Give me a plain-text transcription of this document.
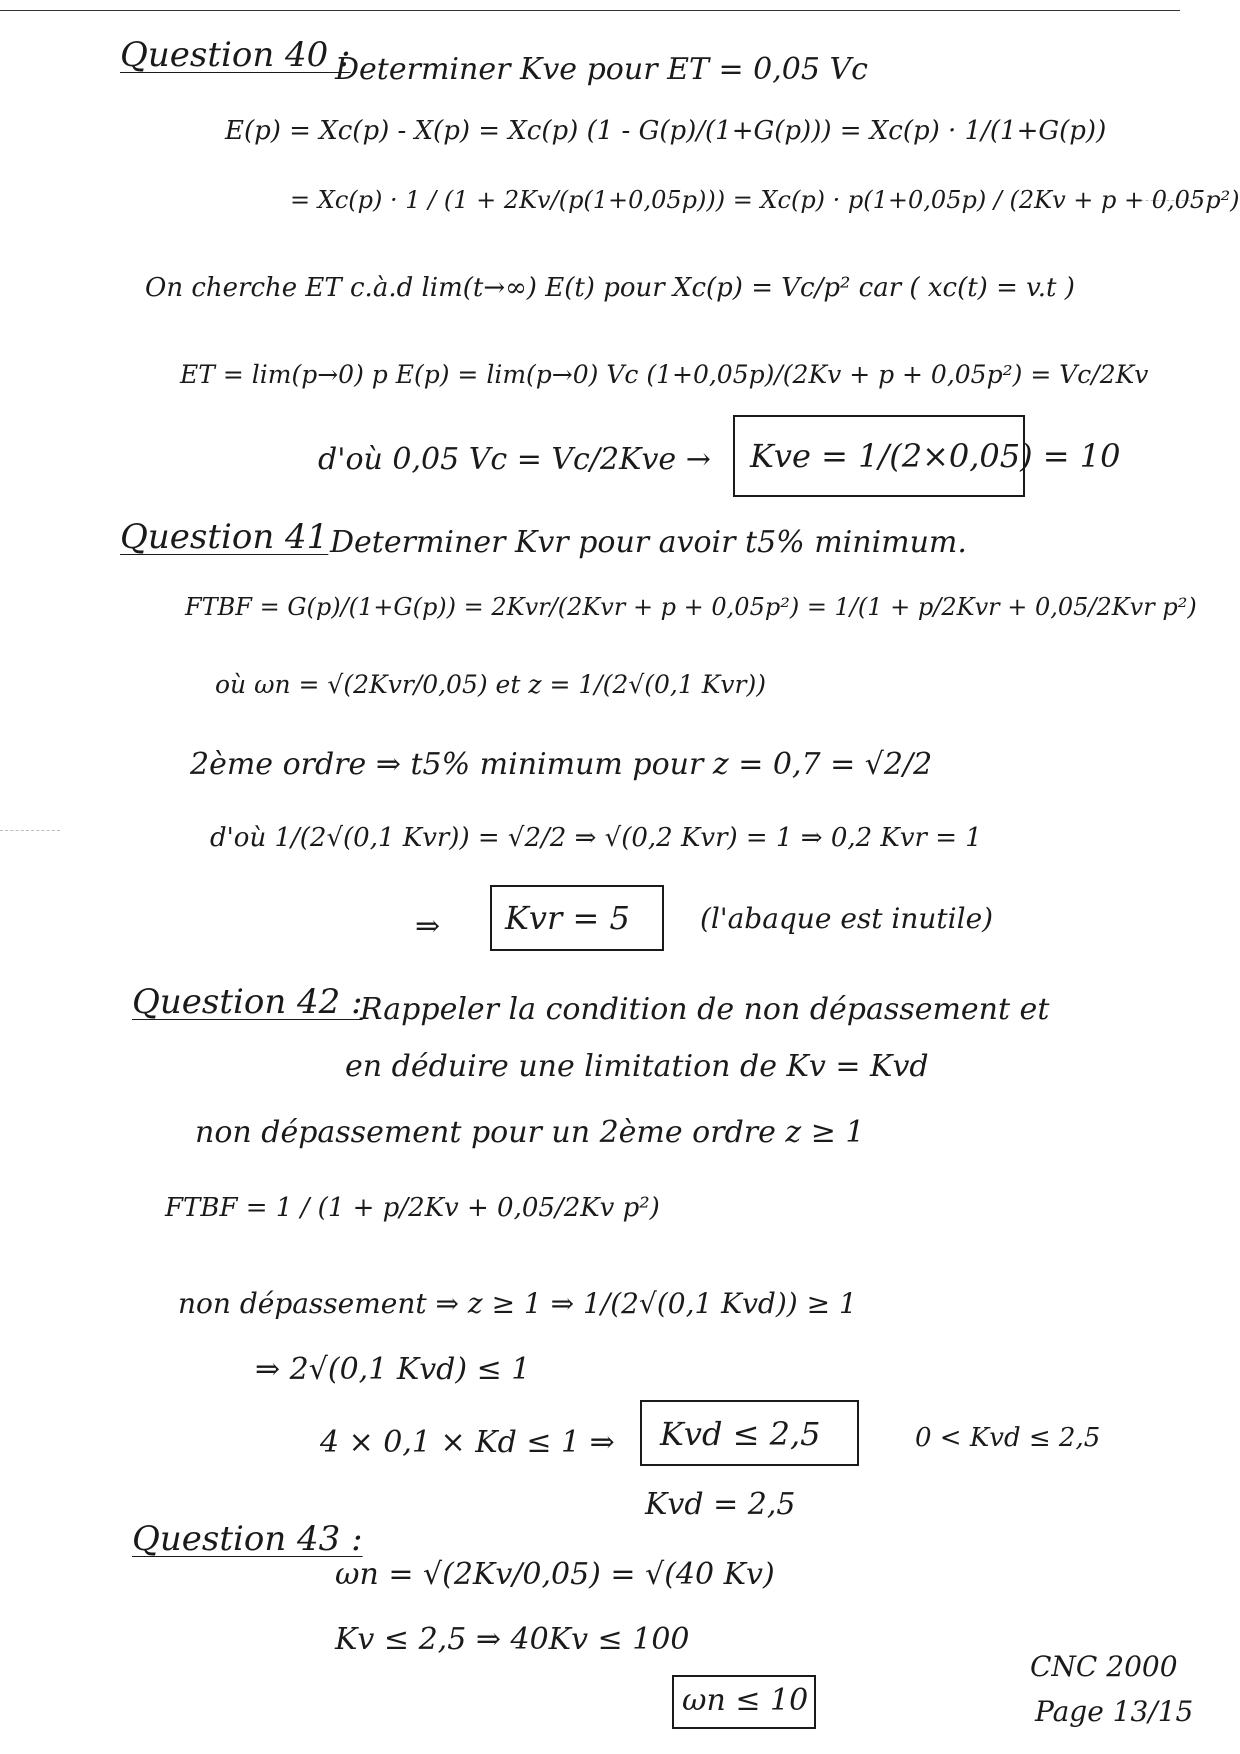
Question 40 :
Determiner Kve pour ET = 0,05 Vc
E(p) = Xc(p) - X(p) = Xc(p) (1 - G(p)/(1+G(p))) = Xc(p) · 1/(1+G(p))
= Xc(p) · 1 / (1 + 2Kv/(p(1+0,05p))) = Xc(p) · p(1+0,05p) / (2Kv + p + 0,05p²)
On cherche ET c.à.d lim(t→∞) E(t) pour Xc(p) = Vc/p² car ( xc(t) = v.t )
ET = lim(p→0) p E(p) = lim(p→0) Vc (1+0,05p)/(2Kv + p + 0,05p²) = Vc/2Kv
d'où 0,05 Vc = Vc/2Kve → Kve = 1/(2×0,05) = 10
Question 41 Determiner Kvr pour avoir t5% minimum.
FTBF = G(p)/(1+G(p)) = 2Kvr/(2Kvr + p + 0,05p²) = 1/(1 + p/2Kvr + 0,05/2Kvr p²)
où ωn = √(2Kvr/0,05) et z = 1/(2√(0,1 Kvr))
2ème ordre ⇒ t5% minimum pour z = 0,7 = √2/2
d'où 1/(2√(0,1 Kvr)) = √2/2 ⇒ √(0,2 Kvr) = 1 ⇒ 0,2 Kvr = 1
⇒ Kvr = 5	(l'abaque est inutile)
Question 42 :
Rappeler la condition de non dépassement et
en déduire une limitation de Kv = Kvd
non dépassement pour un 2ème ordre z ≥ 1
FTBF = 1 / (1 + p/2Kv + 0,05/2Kv p²)
non dépassement ⇒ z ≥ 1 ⇒ 1/(2√(0,1 Kvd)) ≥ 1
⇒ 2√(0,1 Kvd) ≤ 1
4 × 0,1 × Kd ≤ 1 ⇒ Kvd ≤ 2,5	0 < Kvd ≤ 2,5
Kvd = 2,5
Question 43 :
ωn = √(2Kv/0,05) = √(40 Kv)
Kv ≤ 2,5 ⇒ 40Kv ≤ 100
ωn ≤ 10
CNC 2000
Page 13/15
